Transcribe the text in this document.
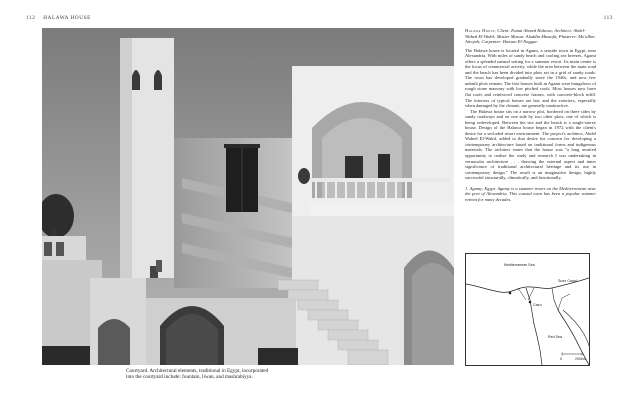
112 HALAWA HOUSE	113
Courtyard. Architectural elements, traditional in Egypt, incorporated into the courtyard include: fountain, liwan, and mashrabiyya.

Halawa House, Client: Esmat Ahmed Halawa; Architect: Abdel-Wahed El-Wakil; Master Mason: Aladdin Mustafa; Plasterer: Mo'allim Ativyah; Carpenter: Hassan El-Naggar.

The Halawa house is located in Agami, a seaside town in Egypt, near Alexandria. With miles of sandy beach and cooling sea breezes, Agami offers a splendid natural setting for a summer resort. Its main center is the focus of commercial activity, while the area between the main road and the beach has been divided into plots set in a grid of sandy roads. The town has developed gradually since the 1940s, and now few unbuilt plots remain. The first houses built in Agami were bungalows of rough stone masonry with low pitched roofs. Most houses now have flat roofs and reinforced concrete frames, with concrete-block infill. The interiors of typical homes are hot, and the exteriors, especially when damaged by the climate, are generally unattractive.

The Halawa house sits on a narrow plot, bordered on three sides by sandy roadways and on one side by two other plots, one of which is being redeveloped. Between the site and the beach is a single-storey house. Design of the Halawa house began in 1972 with the client's desire for a secluded resort environment. The project's architect, Abdel Wahed El-Wakil, added to that desire his concern for developing a contemporary architecture based on traditional forms and indigenous materials. The architect states that the house was "a long awaited opportunity to realize the study and research I was undertaking in vernacular architecture . . . drawing the external aspect and inner significance of traditional architectural heritage and its use in contemporary design." The result is an imaginative design, highly successful structurally, climatically, and functionally.

1. Agamy, Egypt. Agamy is a summer resort on the Mediterranean near the port of Alexandria. This coastal town has been a popular summer retreat for many decades.

Mediterranean Sea
Suez Canal
Cairo
Red Sea
0	200km
